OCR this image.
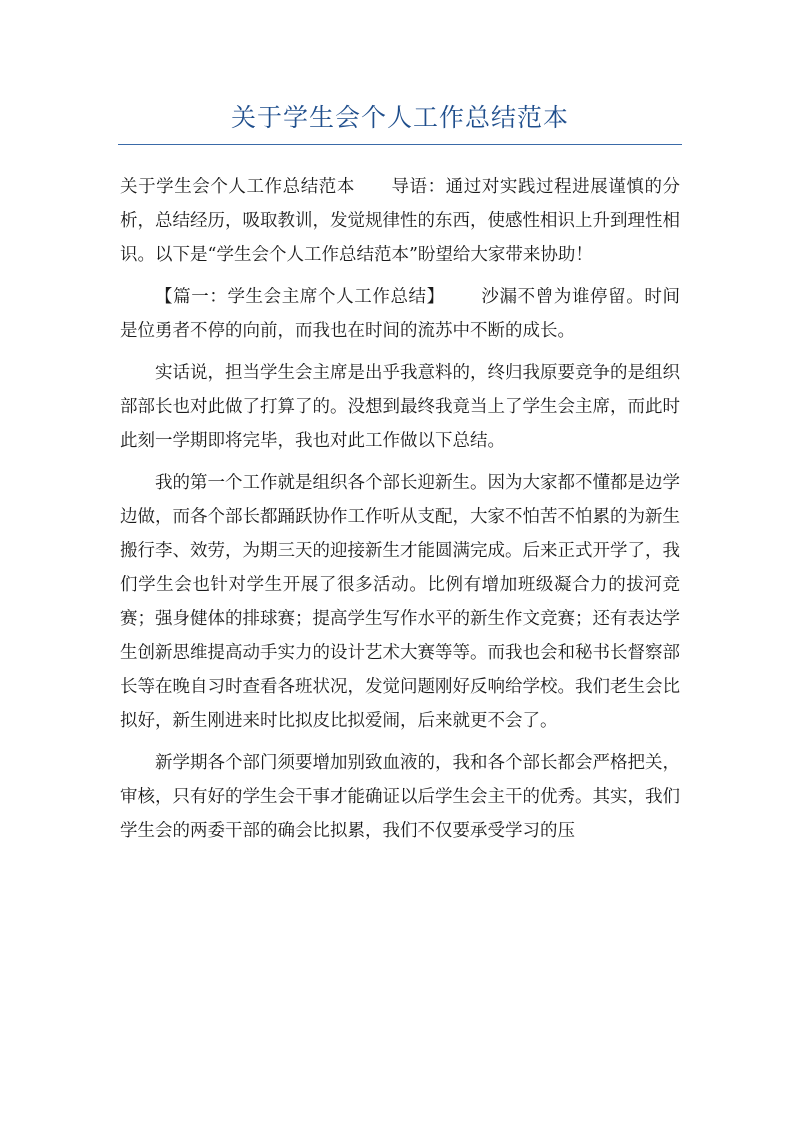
关于学生会个人工作总结范本

关于学生会个人工作总结范本 导语：通过对实践过程进展谨慎的分析，总结经历，吸取教训，发觉规律性的东西，使感性相识上升到理性相识。以下是“学生会个人工作总结范本”盼望给大家带来协助！

【篇一：学生会主席个人工作总结】 沙漏不曾为谁停留。时间是位勇者不停的向前，而我也在时间的流苏中不断的成长。

实话说，担当学生会主席是出乎我意料的，终归我原要竞争的是组织部部长也对此做了打算了的。没想到最终我竟当上了学生会主席，而此时此刻一学期即将完毕，我也对此工作做以下总结。

我的第一个工作就是组织各个部长迎新生。因为大家都不懂都是边学边做，而各个部长都踊跃协作工作听从支配，大家不怕苦不怕累的为新生搬行李、效劳，为期三天的迎接新生才能圆满完成。后来正式开学了，我们学生会也针对学生开展了很多活动。比例有增加班级凝合力的拔河竞赛；强身健体的排球赛；提高学生写作水平的新生作文竞赛；还有表达学生创新思维提高动手实力的设计艺术大赛等等。而我也会和秘书长督察部长等在晚自习时查看各班状况，发觉问题刚好反响给学校。我们老生会比拟好，新生刚进来时比拟皮比拟爱闹，后来就更不会了。

新学期各个部门须要增加别致血液的，我和各个部长都会严格把关，审核，只有好的学生会干事才能确证以后学生会主干的优秀。其实，我们学生会的两委干部的确会比拟累，我们不仅要承受学习的压
